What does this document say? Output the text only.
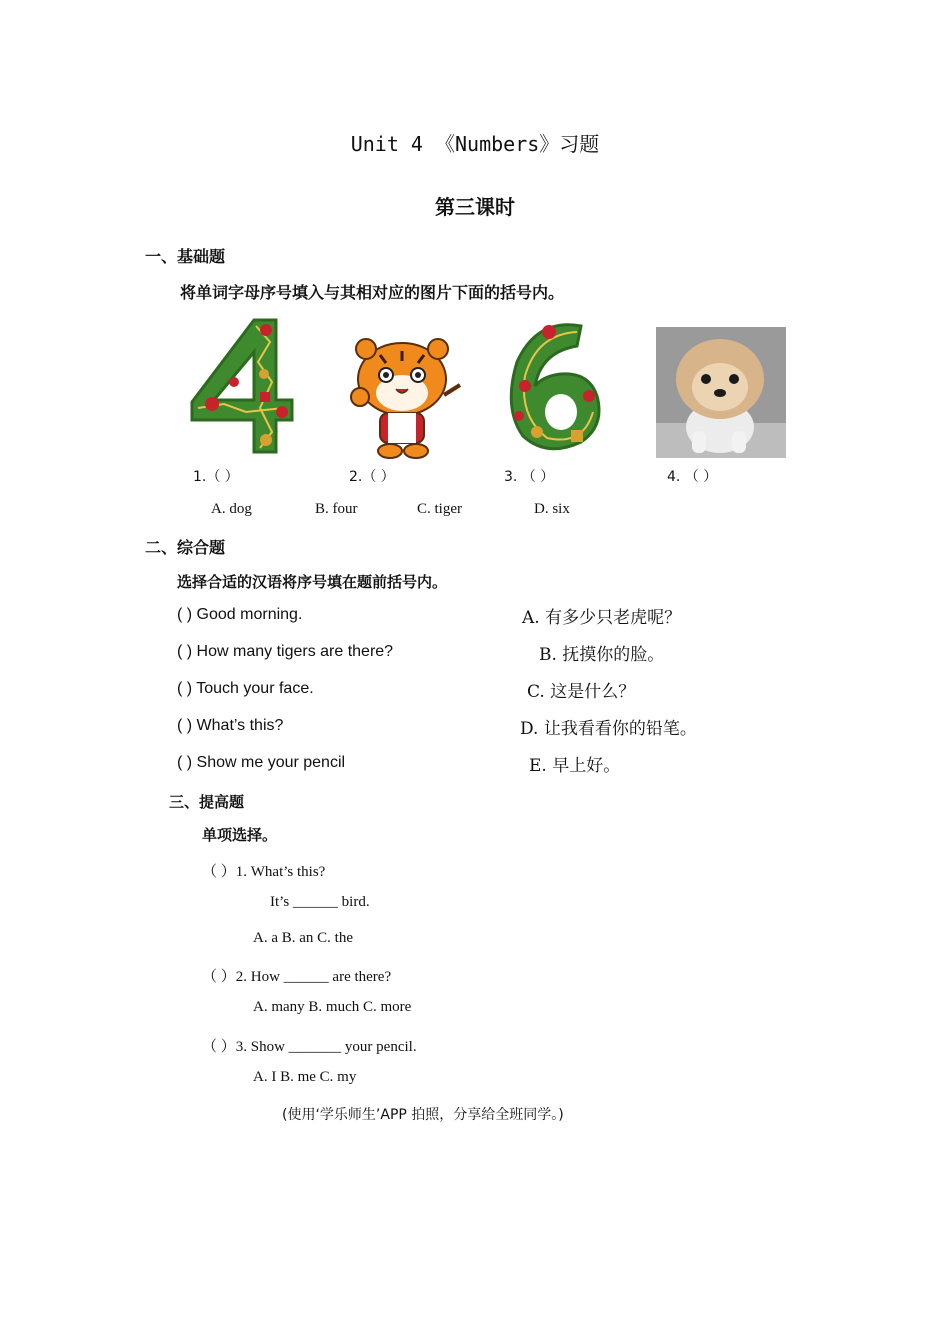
Unit 4 《Numbers》习题
第三课时
一、基础题
将单词字母序号填入与其相对应的图片下面的括号内。
1.（ ）	2.（ ）	3. （ ）	4. （ ）
A. dog	B. four	C. tiger	D. six
二、综合题
选择合适的汉语将序号填在题前括号内。
( ) Good morning.	A. 有多少只老虎呢？
( ) How many tigers are there?	B. 抚摸你的脸。
( ) Touch your face.	C. 这是什么？
( ) What’s this?	D. 让我看看你的铅笔。
( ) Show me your pencil	E. 早上好。
三、提高题
单项选择。
（ ）1. What’s this?
It’s ______ bird.
A. a B. an C. the
（ ）2. How ______ are there?
A. many B. much C. more
（ ）3. Show _______ your pencil.
A. I B. me C. my
(使用‘学乐师生’APP 拍照，分享给全班同学。)
